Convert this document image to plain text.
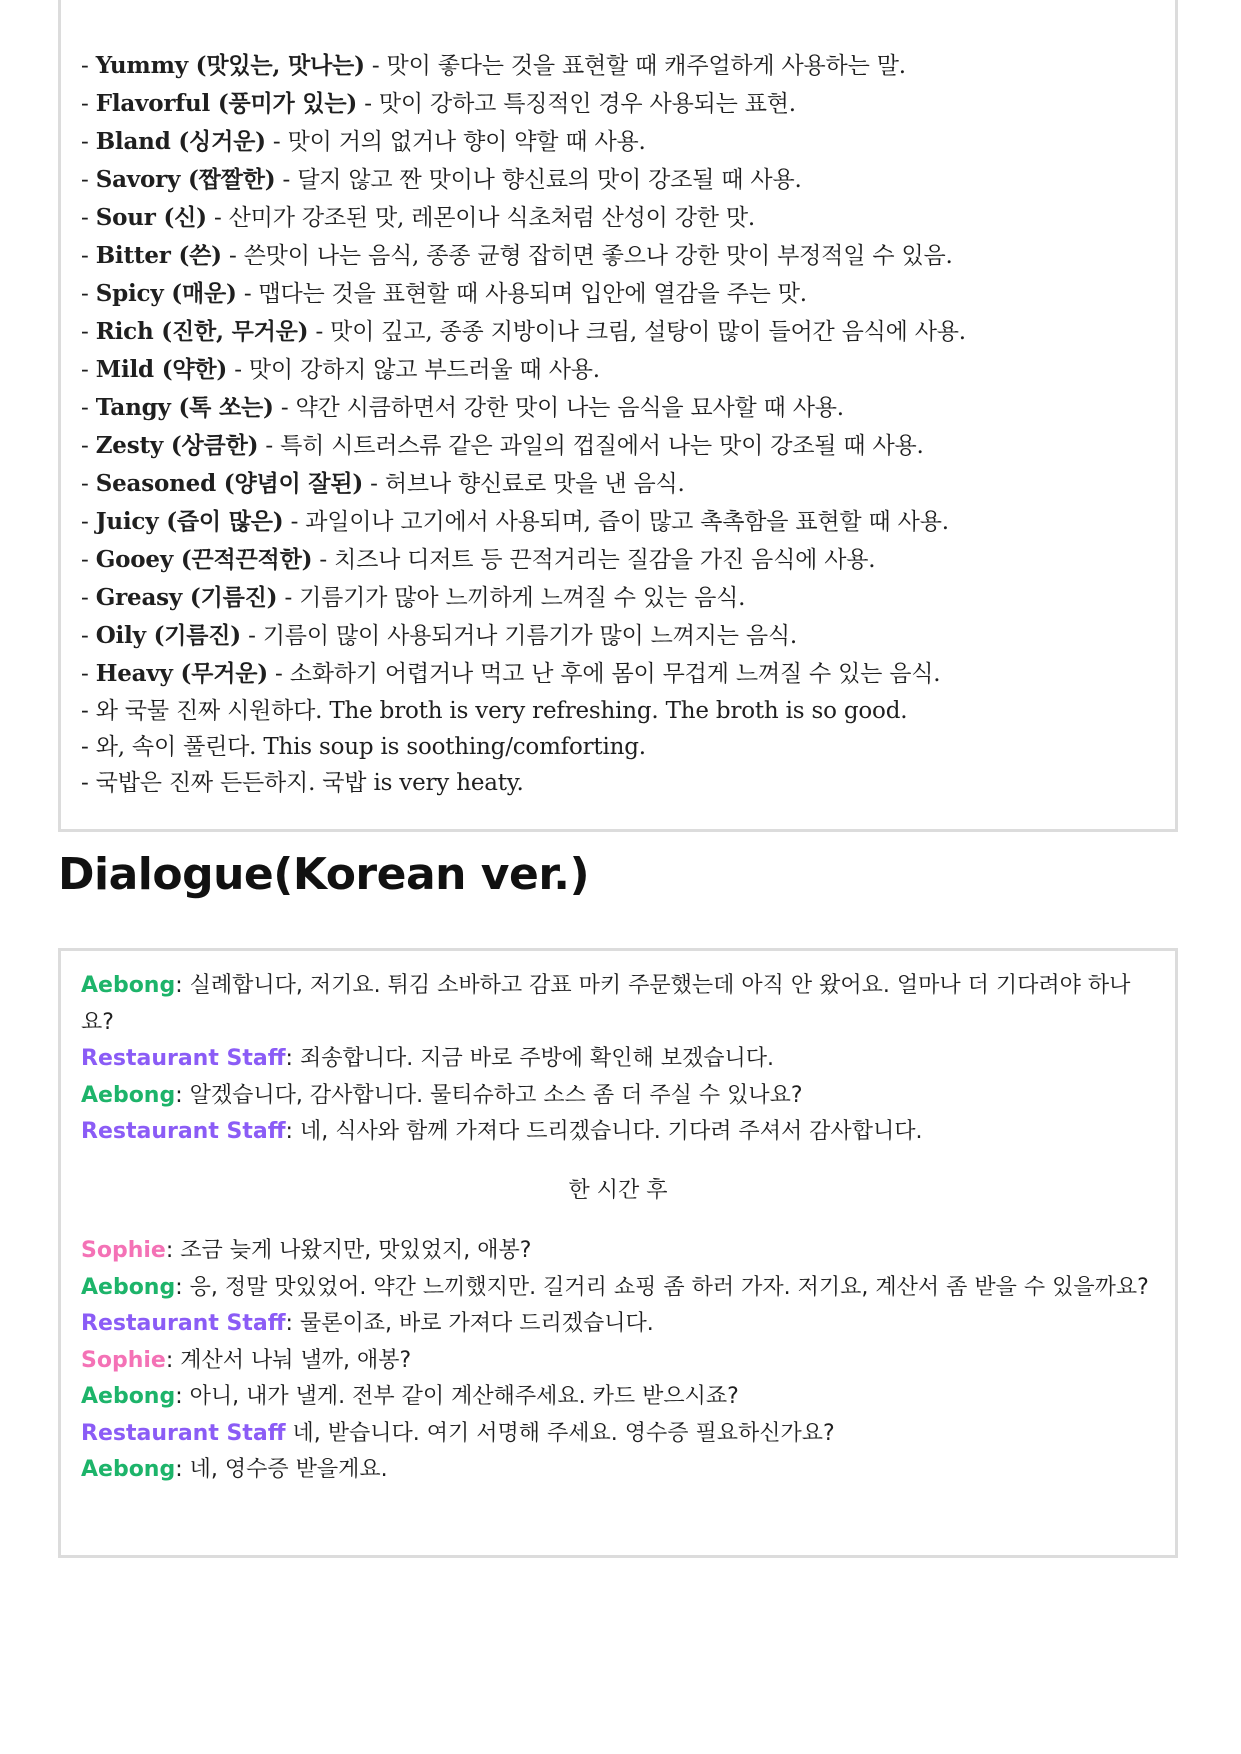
- Yummy (맛있는, 맛나는) - 맛이 좋다는 것을 표현할 때 캐주얼하게 사용하는 말.
- Flavorful (풍미가 있는) - 맛이 강하고 특징적인 경우 사용되는 표현.
- Bland (싱거운) - 맛이 거의 없거나 향이 약할 때 사용.
- Savory (짭짤한) - 달지 않고 짠 맛이나 향신료의 맛이 강조될 때 사용.
- Sour (신) - 산미가 강조된 맛, 레몬이나 식초처럼 산성이 강한 맛.
- Bitter (쓴) - 쓴맛이 나는 음식, 종종 균형 잡히면 좋으나 강한 맛이 부정적일 수 있음.
- Spicy (매운) - 맵다는 것을 표현할 때 사용되며 입안에 열감을 주는 맛.
- Rich (진한, 무거운) - 맛이 깊고, 종종 지방이나 크림, 설탕이 많이 들어간 음식에 사용.
- Mild (약한) - 맛이 강하지 않고 부드러울 때 사용.
- Tangy (톡 쏘는) - 약간 시큼하면서 강한 맛이 나는 음식을 묘사할 때 사용.
- Zesty (상큼한) - 특히 시트러스류 같은 과일의 껍질에서 나는 맛이 강조될 때 사용.
- Seasoned (양념이 잘된) - 허브나 향신료로 맛을 낸 음식.
- Juicy (즙이 많은) - 과일이나 고기에서 사용되며, 즙이 많고 촉촉함을 표현할 때 사용.
- Gooey (끈적끈적한) - 치즈나 디저트 등 끈적거리는 질감을 가진 음식에 사용.
- Greasy (기름진) - 기름기가 많아 느끼하게 느껴질 수 있는 음식.
- Oily (기름진) - 기름이 많이 사용되거나 기름기가 많이 느껴지는 음식.
- Heavy (무거운) - 소화하기 어렵거나 먹고 난 후에 몸이 무겁게 느껴질 수 있는 음식.
- 와 국물 진짜 시원하다. The broth is very refreshing. The broth is so good.
- 와, 속이 풀린다. This soup is soothing/comforting.
- 국밥은 진짜 든든하지. 국밥 is very heaty.
Dialogue(Korean ver.)

Aebong: 실례합니다, 저기요. 튀김 소바하고 감표 마키 주문했는데 아직 안 왔어요. 얼마나 더 기다려야 하나요?

Restaurant Staff: 죄송합니다. 지금 바로 주방에 확인해 보겠습니다.

Aebong: 알겠습니다, 감사합니다. 물티슈하고 소스 좀 더 주실 수 있나요?

Restaurant Staff: 네, 식사와 함께 가져다 드리겠습니다. 기다려 주셔서 감사합니다.

한 시간 후

Sophie: 조금 늦게 나왔지만, 맛있었지, 애봉?

Aebong: 응, 정말 맛있었어. 약간 느끼했지만. 길거리 쇼핑 좀 하러 가자. 저기요, 계산서 좀 받을 수 있을까요?

Restaurant Staff: 물론이죠, 바로 가져다 드리겠습니다.

Sophie: 계산서 나눠 낼까, 애봉?

Aebong: 아니, 내가 낼게. 전부 같이 계산해주세요. 카드 받으시죠?

Restaurant Staff 네, 받습니다. 여기 서명해 주세요. 영수증 필요하신가요?

Aebong: 네, 영수증 받을게요.
